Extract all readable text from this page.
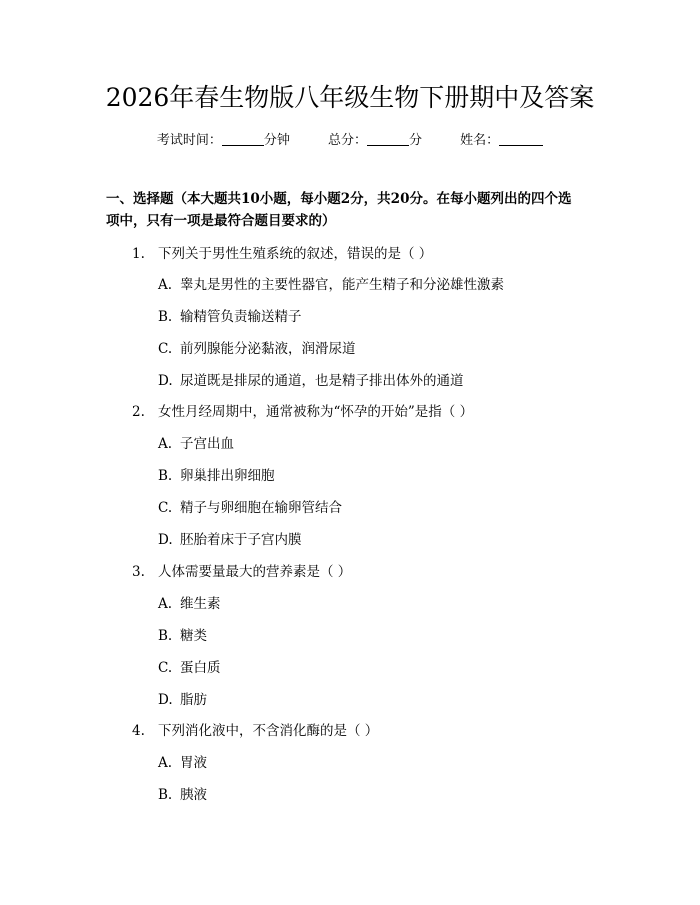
2026年春生物版八年级生物下册期中及答案
考试时间：	分钟	总分：	分	姓名：
一、选择题（本大题共10小题，每小题2分，共20分。在每小题列出的四个选
项中，只有一项是最符合题目要求的）
1. 下列关于男性生殖系统的叙述，错误的是（ ）
A. 睾丸是男性的主要性器官，能产生精子和分泌雄性激素
B. 输精管负责输送精子
C. 前列腺能分泌黏液，润滑尿道
D. 尿道既是排尿的通道，也是精子排出体外的通道
2. 女性月经周期中，通常被称为“怀孕的开始”是指（ ）
A. 子宫出血
B. 卵巢排出卵细胞
C. 精子与卵细胞在输卵管结合
D. 胚胎着床于子宫内膜
3. 人体需要量最大的营养素是（ ）
A. 维生素
B. 糖类
C. 蛋白质
D. 脂肪
4. 下列消化液中，不含消化酶的是（ ）
A. 胃液
B. 胰液
